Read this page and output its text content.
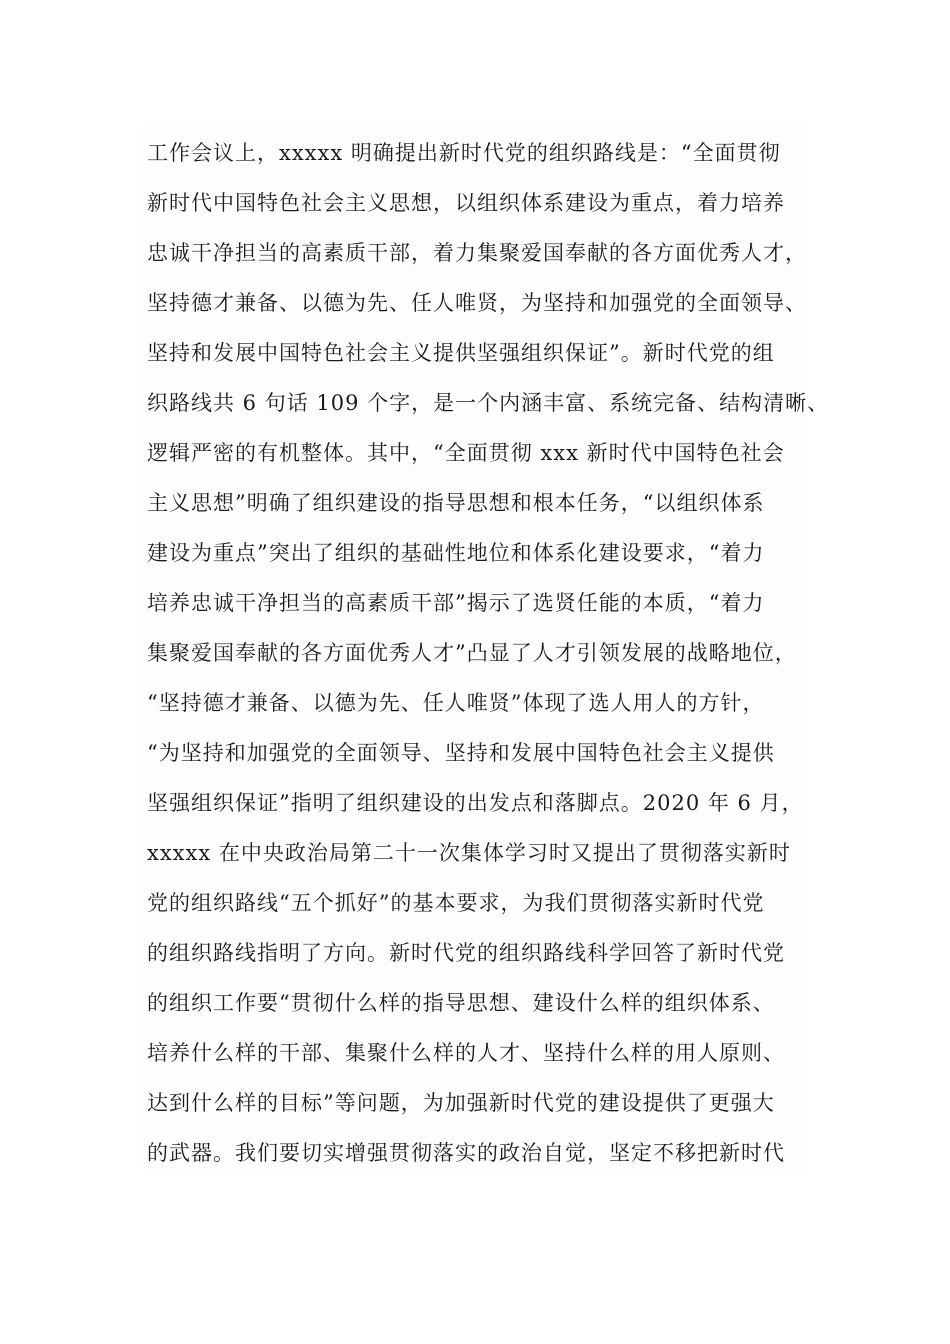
工作会议上，xxxxx 明确提出新时代党的组织路线是：“全面贯彻
新时代中国特色社会主义思想，以组织体系建设为重点，着力培养
忠诚干净担当的高素质干部，着力集聚爱国奉献的各方面优秀人才，
坚持德才兼备、以德为先、任人唯贤，为坚持和加强党的全面领导、
坚持和发展中国特色社会主义提供坚强组织保证”。新时代党的组
织路线共 6 句话 109 个字，是一个内涵丰富、系统完备、结构清晰、
逻辑严密的有机整体。其中，“全面贯彻 xxx 新时代中国特色社会
主义思想”明确了组织建设的指导思想和根本任务，“以组织体系
建设为重点”突出了组织的基础性地位和体系化建设要求，“着力
培养忠诚干净担当的高素质干部”揭示了选贤任能的本质，“着力
集聚爱国奉献的各方面优秀人才”凸显了人才引领发展的战略地位，
“坚持德才兼备、以德为先、任人唯贤”体现了选人用人的方针，
“为坚持和加强党的全面领导、坚持和发展中国特色社会主义提供
坚强组织保证”指明了组织建设的出发点和落脚点。2020 年 6 月，
xxxxx 在中央政治局第二十一次集体学习时又提出了贯彻落实新时
党的组织路线“五个抓好”的基本要求，为我们贯彻落实新时代党
的组织路线指明了方向。新时代党的组织路线科学回答了新时代党
的组织工作要“贯彻什么样的指导思想、建设什么样的组织体系、
培养什么样的干部、集聚什么样的人才、坚持什么样的用人原则、
达到什么样的目标”等问题，为加强新时代党的建设提供了更强大
的武器。我们要切实增强贯彻落实的政治自觉，坚定不移把新时代
